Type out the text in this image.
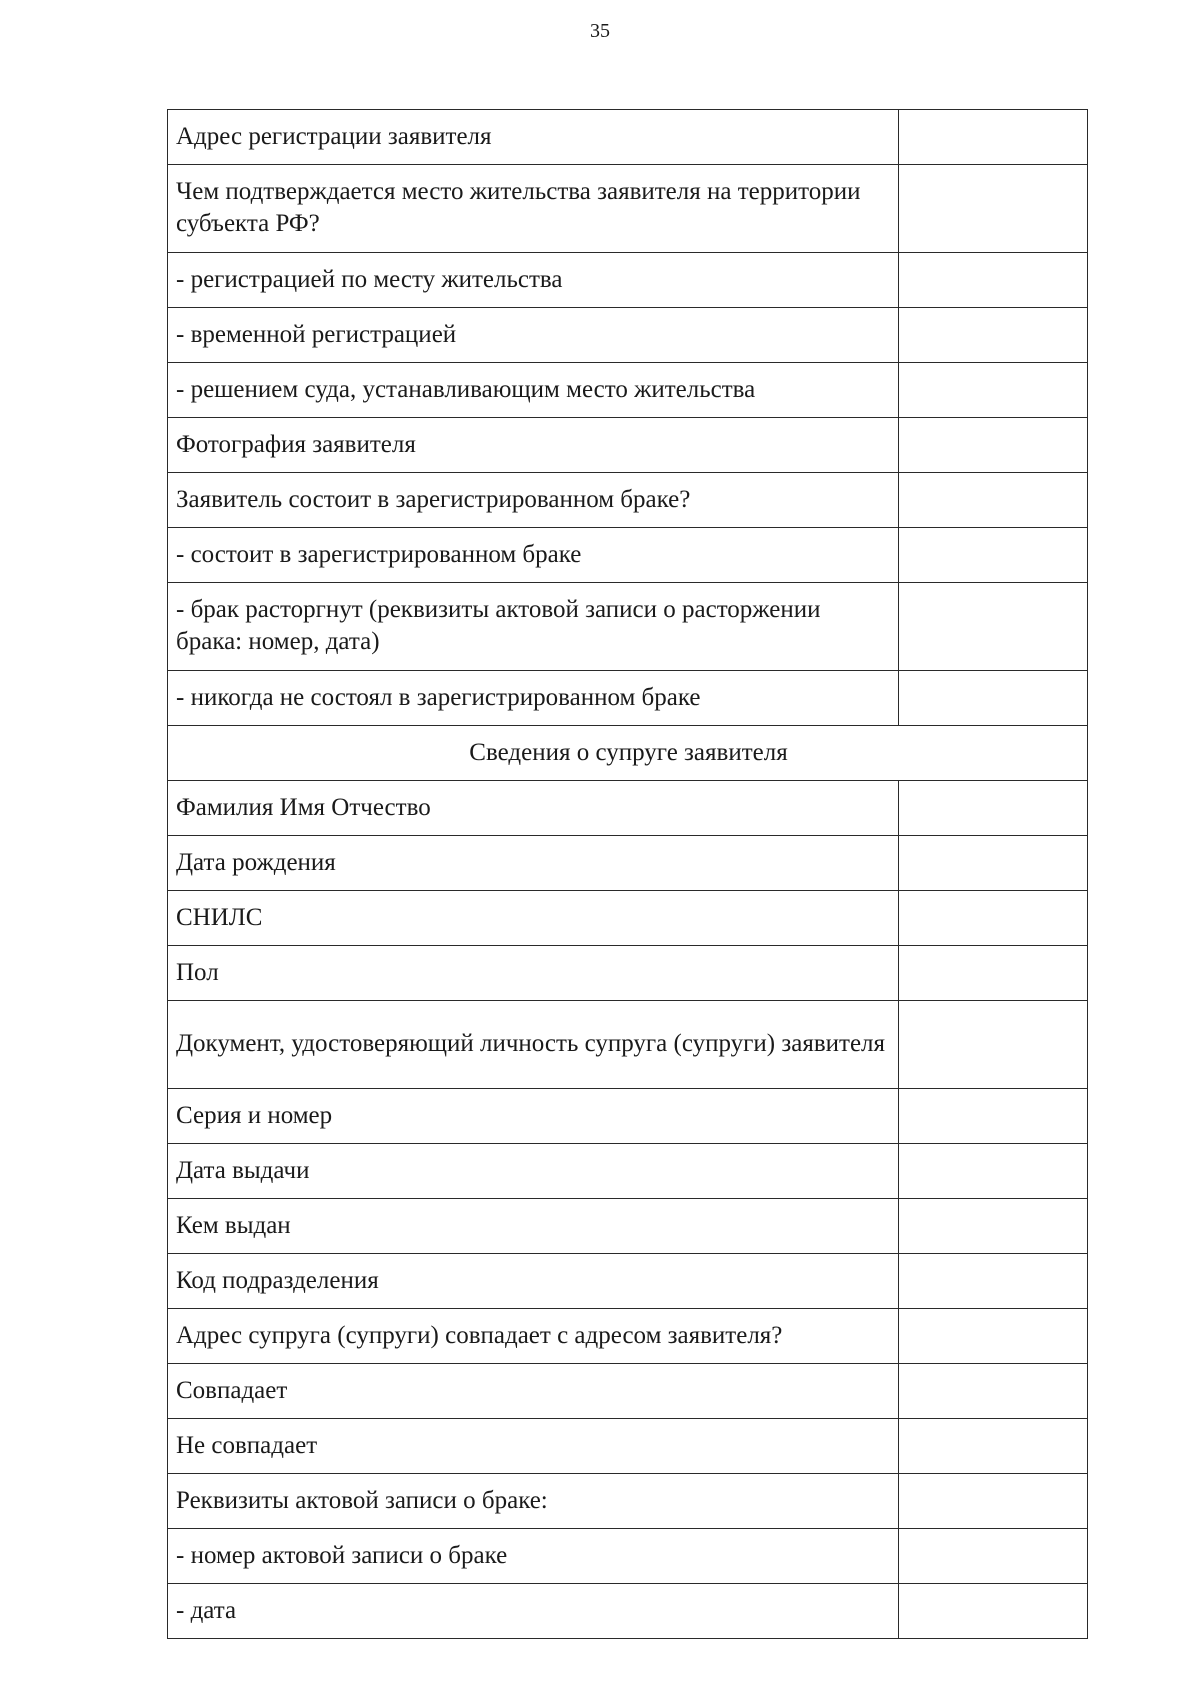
35
Адрес регистрации заявителя	
Чем подтверждается место жительства заявителя на территории субъекта РФ?	
- регистрацией по месту жительства	
- временной регистрацией	
- решением суда, устанавливающим место жительства	
Фотография заявителя	
Заявитель состоит в зарегистрированном браке?	
- состоит в зарегистрированном браке	
- брак расторгнут (реквизиты актовой записи о расторжении брака: номер, дата)	
- никогда не состоял в зарегистрированном браке	
Сведения о супруге заявителя	
Фамилия Имя Отчество	
Дата рождения	
СНИЛС	
Пол	
Документ, удостоверяющий личность супруга (супруги) заявителя	
Серия и номер	
Дата выдачи	
Кем выдан	
Код подразделения	
Адрес супруга (супруги) совпадает с адресом заявителя?	
Совпадает	
Не совпадает	
Реквизиты актовой записи о браке:	
- номер актовой записи о браке	
- дата	
